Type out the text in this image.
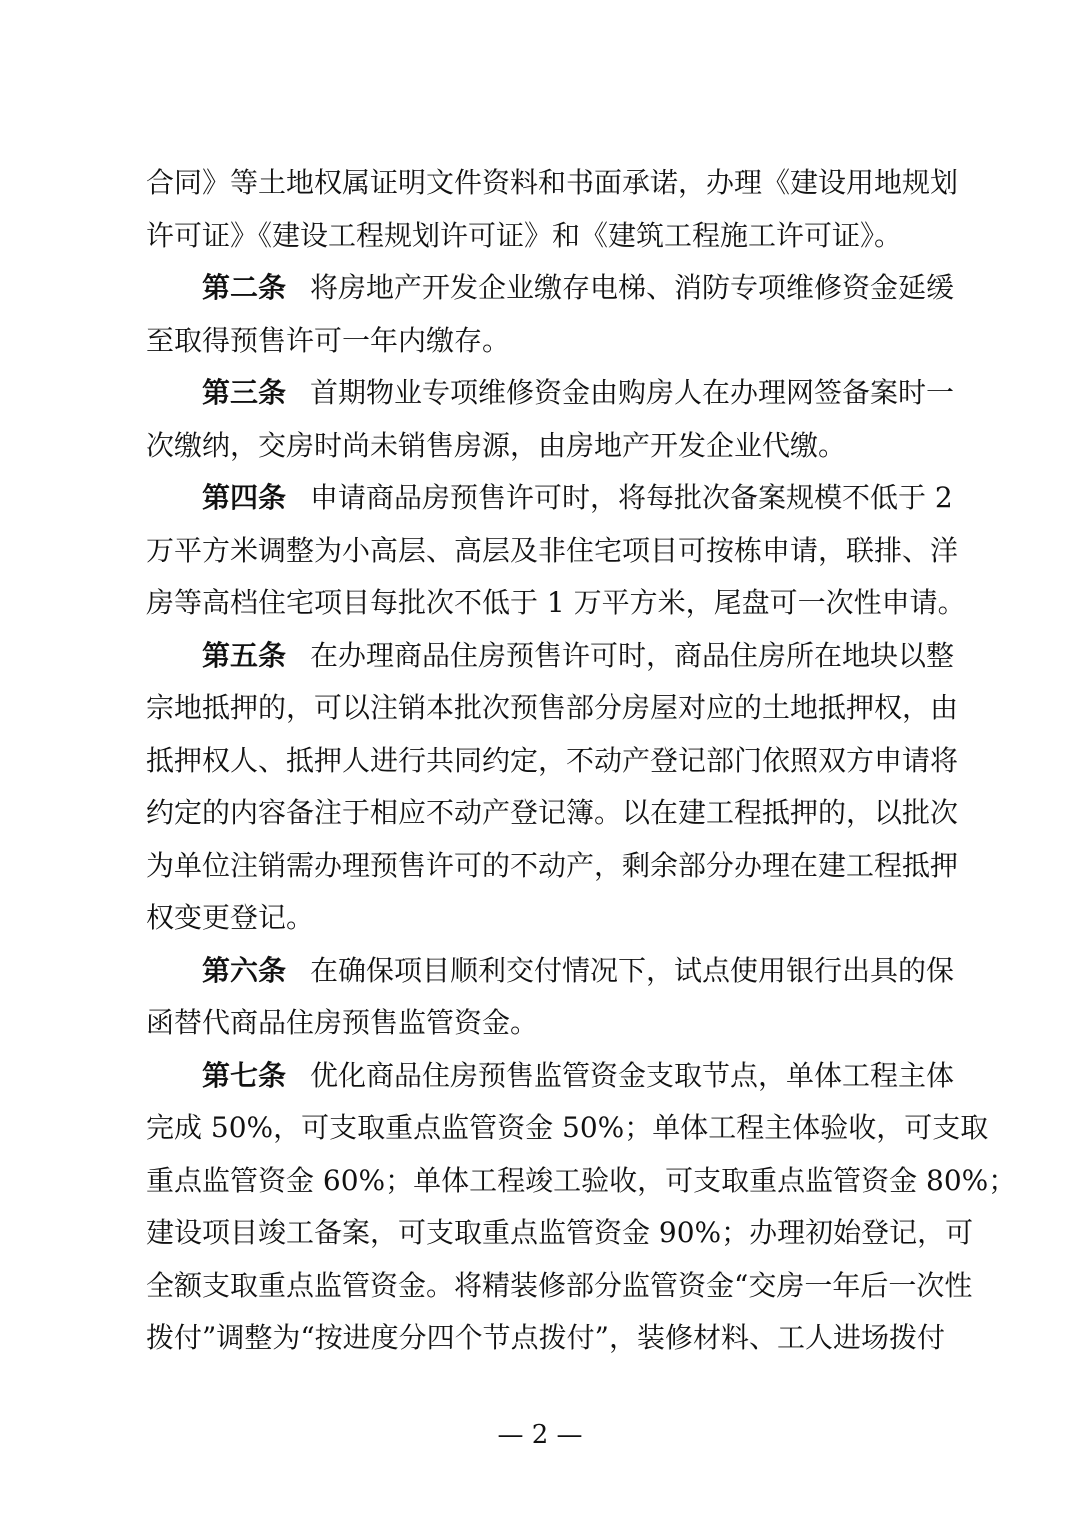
合同》等土地权属证明文件资料和书面承诺，办理《建设用地规划
许可证》《建设工程规划许可证》和《建筑工程施工许可证》。
第二条 将房地产开发企业缴存电梯、消防专项维修资金延缓
至取得预售许可一年内缴存。
第三条 首期物业专项维修资金由购房人在办理网签备案时一
次缴纳，交房时尚未销售房源，由房地产开发企业代缴。
第四条 申请商品房预售许可时，将每批次备案规模不低于 2
万平方米调整为小高层、高层及非住宅项目可按栋申请，联排、洋
房等高档住宅项目每批次不低于 1 万平方米，尾盘可一次性申请。
第五条 在办理商品住房预售许可时，商品住房所在地块以整
宗地抵押的，可以注销本批次预售部分房屋对应的土地抵押权，由
抵押权人、抵押人进行共同约定，不动产登记部门依照双方申请将
约定的内容备注于相应不动产登记簿。以在建工程抵押的，以批次
为单位注销需办理预售许可的不动产，剩余部分办理在建工程抵押
权变更登记。
第六条 在确保项目顺利交付情况下，试点使用银行出具的保
函替代商品住房预售监管资金。
第七条 优化商品住房预售监管资金支取节点，单体工程主体
完成 50%，可支取重点监管资金 50%；单体工程主体验收，可支取
重点监管资金 60%；单体工程竣工验收，可支取重点监管资金 80%；
建设项目竣工备案，可支取重点监管资金 90%；办理初始登记，可
全额支取重点监管资金。将精装修部分监管资金“交房一年后一次性
拨付”调整为“按进度分四个节点拨付”，装修材料、工人进场拨付
— 2 —
